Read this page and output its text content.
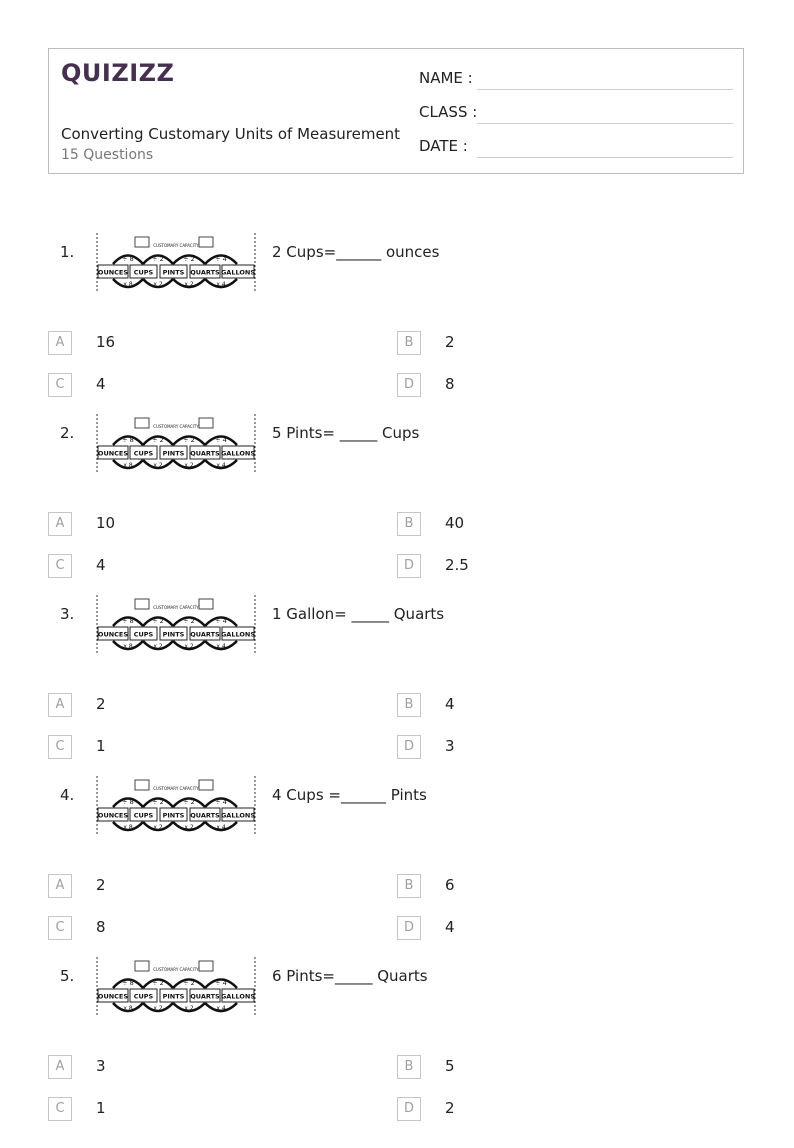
QUIZIZZ
Converting Customary Units of Measurement
15 Questions
NAME :
CLASS :
DATE :
1.	CUSTOMARY CAPACITY
OUNCES CUPS PINTS QUARTS GALLONS
÷ 8
x 8
÷ 2
x 2
÷ 2
x 2
÷ 4
x 4
2 Cups=______ ounces
A	16	B	2
C	4	D	8
2.	CUSTOMARY CAPACITY
OUNCES CUPS PINTS QUARTS GALLONS
÷ 8
x 8
÷ 2
x 2
÷ 2
x 2
÷ 4
x 4
5 Pints= _____ Cups
A	10	B	40
C	4	D	2.5
3.	CUSTOMARY CAPACITY
OUNCES CUPS PINTS QUARTS GALLONS
÷ 8
x 8
÷ 2
x 2
÷ 2
x 2
÷ 4
x 4
1 Gallon= _____ Quarts
A	2	B	4
C	1	D	3
4.	CUSTOMARY CAPACITY
OUNCES CUPS PINTS QUARTS GALLONS
÷ 8
x 8
÷ 2
x 2
÷ 2
x 2
÷ 4
x 4
4 Cups =______ Pints
A	2	B	6
C	8	D	4
5.	CUSTOMARY CAPACITY
OUNCES CUPS PINTS QUARTS GALLONS
÷ 8
x 8
÷ 2
x 2
÷ 2
x 2
÷ 4
x 4
6 Pints=_____ Quarts
A	3	B	5
C	1	D	2
